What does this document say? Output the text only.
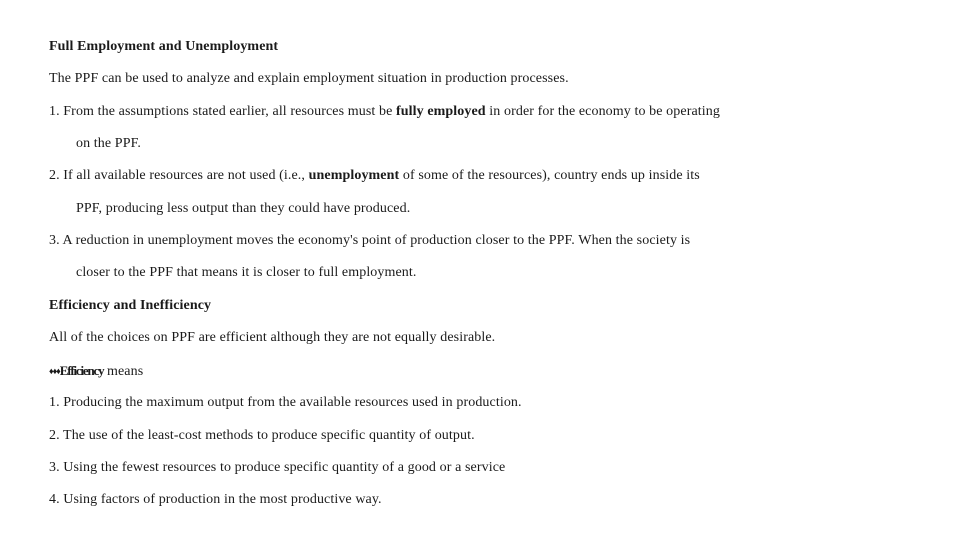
Full Employment and Unemployment
The PPF can be used to analyze and explain employment situation in production processes.
1. From the assumptions stated earlier, all resources must be fully employed in order for the economy to be operating
on the PPF.
2. If all available resources are not used (i.e., unemployment of some of the resources), country ends up inside its
PPF, producing less output than they could have produced.
3. A reduction in unemployment moves the economy's point of production closer to the PPF. When the society is
closer to the PPF that means it is closer to full employment.
Efficiency and Inefficiency
All of the choices on PPF are efficient although they are not equally desirable.
♦♦♦Efficiency means
1. Producing the maximum output from the available resources used in production.
2. The use of the least-cost methods to produce specific quantity of output.
3. Using the fewest resources to produce specific quantity of a good or a service
4. Using factors of production in the most productive way.
